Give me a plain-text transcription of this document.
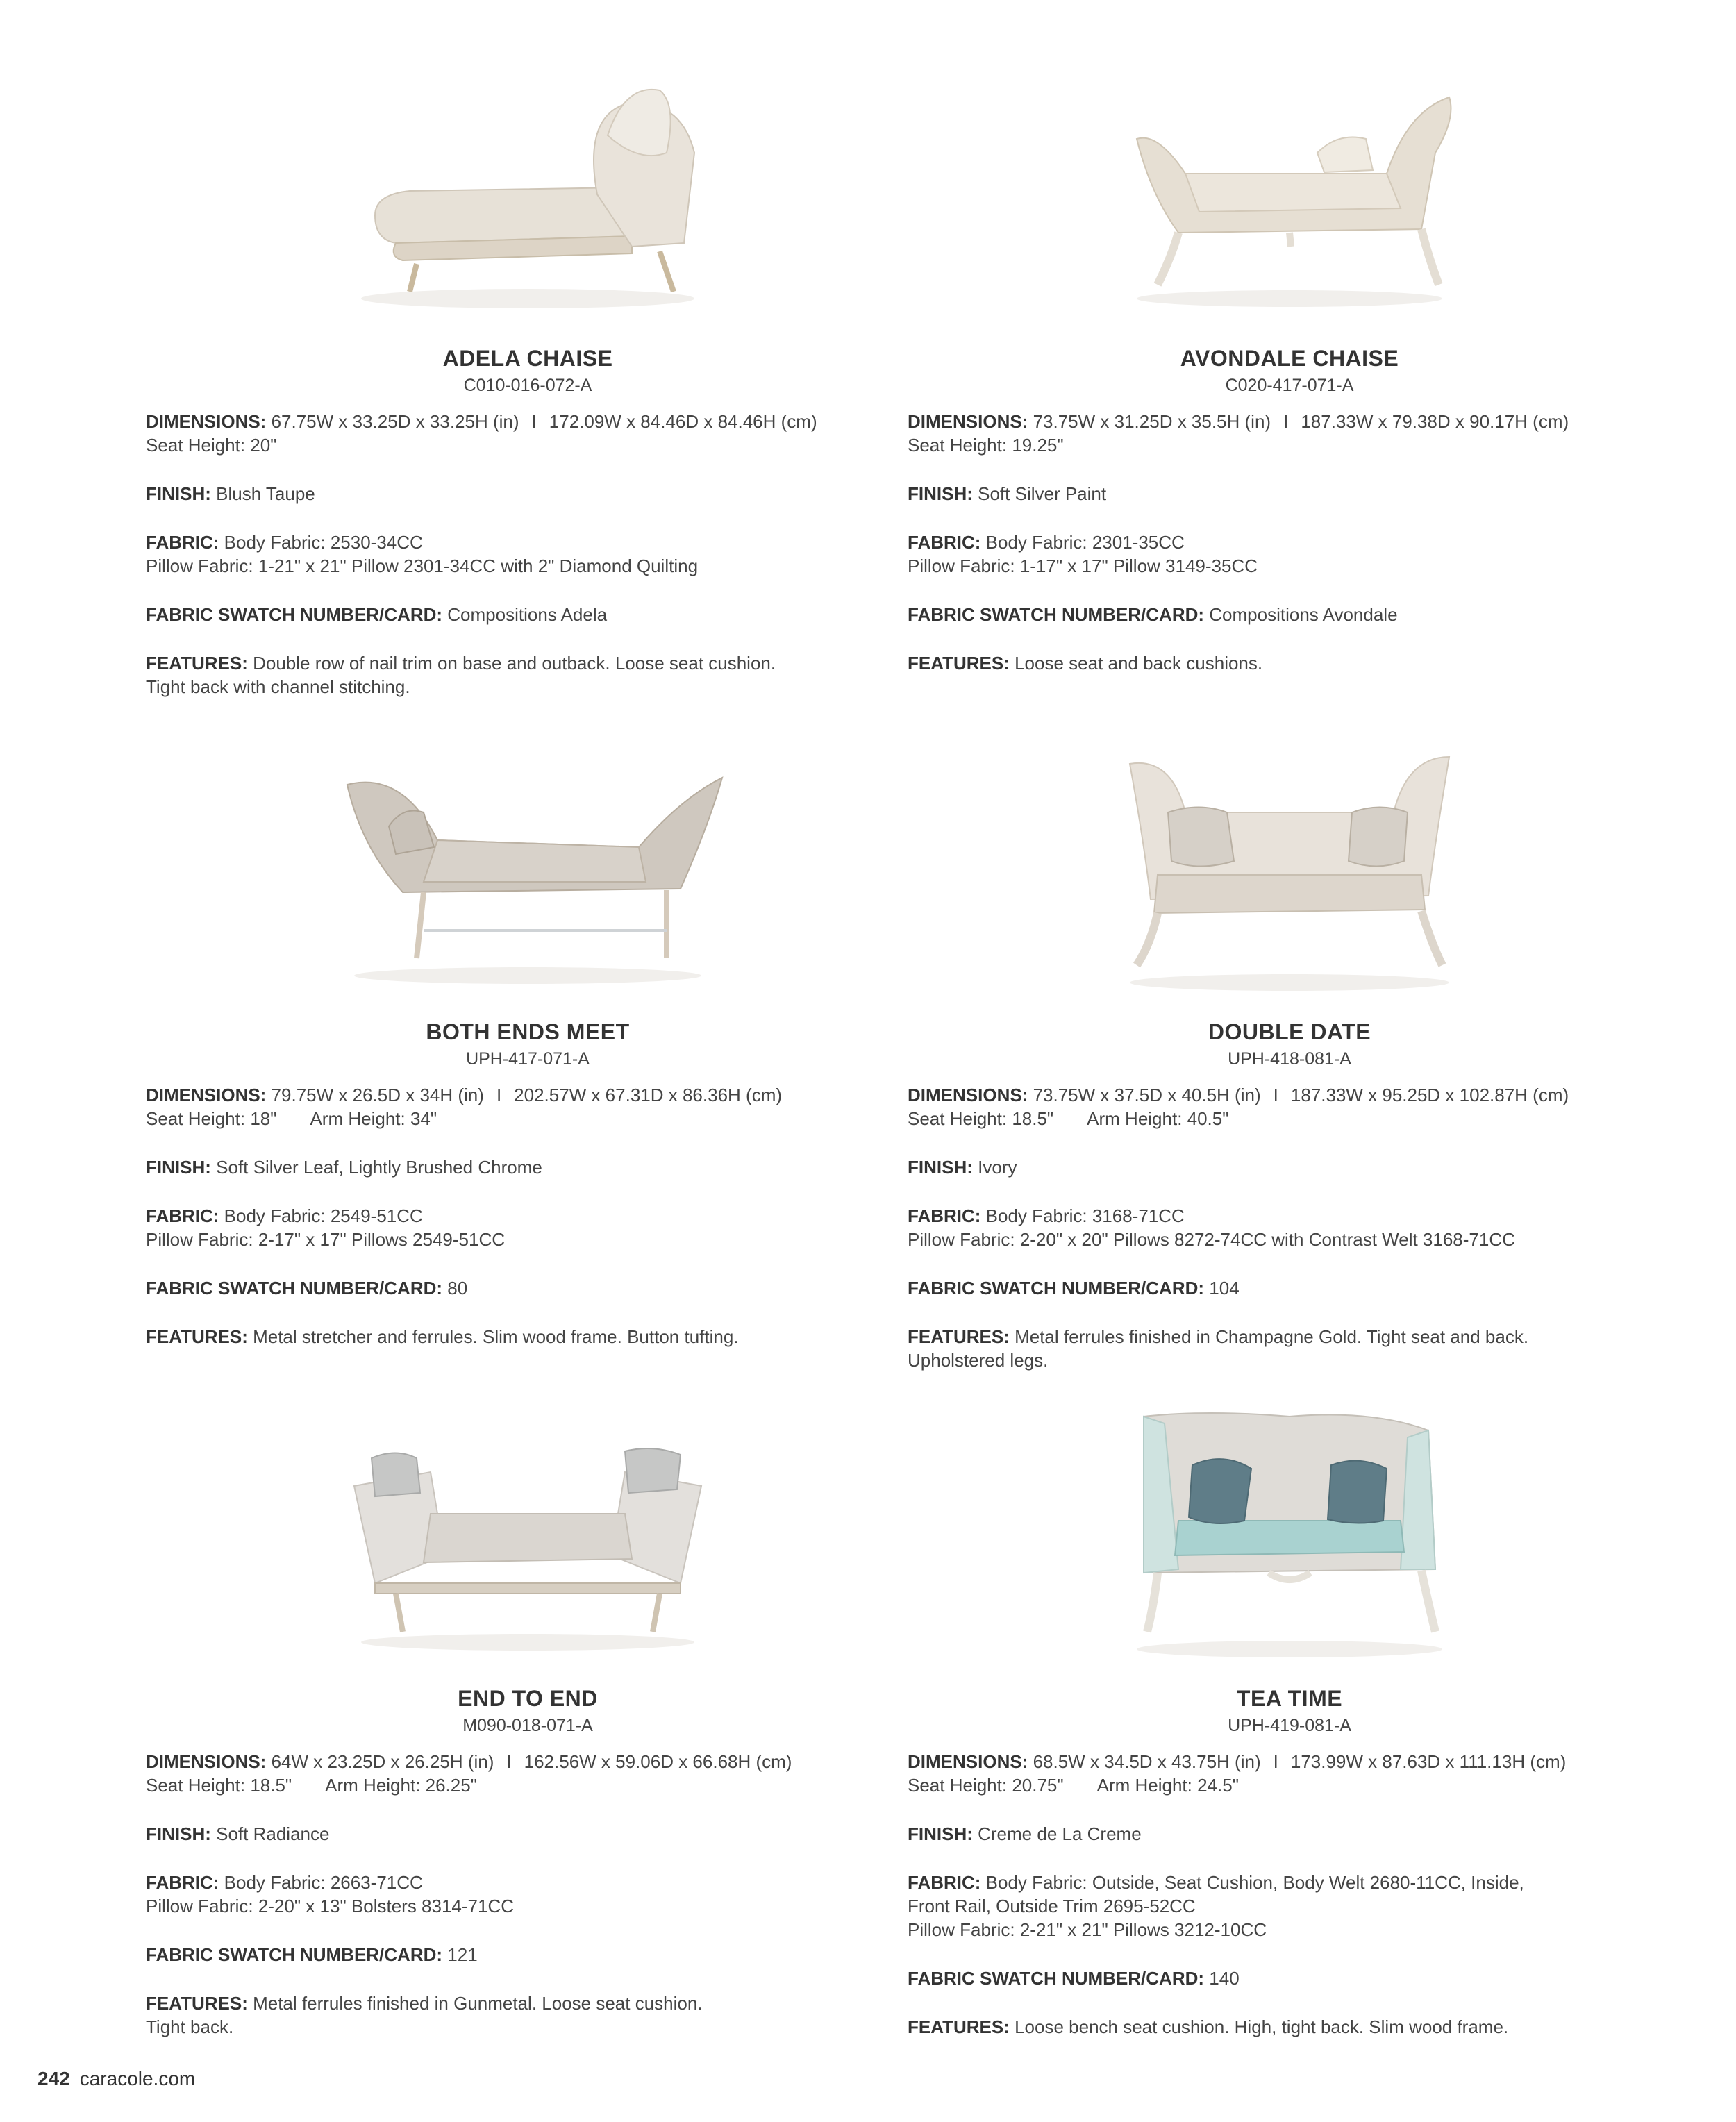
ADELA CHAISE
C010-016-072-A
DIMENSIONS: 67.75W x 33.25D x 33.25H (in) I 172.09W x 84.46D x 84.46H (cm)
Seat Height: 20"
FINISH: Blush Taupe
FABRIC: Body Fabric: 2530-34CC
Pillow Fabric: 1-21" x 21" Pillow 2301-34CC with 2" Diamond Quilting
FABRIC SWATCH NUMBER/CARD: Compositions Adela
FEATURES: Double row of nail trim on base and outback. Loose seat cushion.
Tight back with channel stitching.
AVONDALE CHAISE
C020-417-071-A
DIMENSIONS: 73.75W x 31.25D x 35.5H (in) I 187.33W x 79.38D x 90.17H (cm)
Seat Height: 19.25"
FINISH: Soft Silver Paint
FABRIC: Body Fabric: 2301-35CC
Pillow Fabric: 1-17" x 17" Pillow 3149-35CC
FABRIC SWATCH NUMBER/CARD: Compositions Avondale
FEATURES: Loose seat and back cushions.
BOTH ENDS MEET
UPH-417-071-A
DIMENSIONS: 79.75W x 26.5D x 34H (in) I 202.57W x 67.31D x 86.36H (cm)
Seat Height: 18" Arm Height: 34"
FINISH: Soft Silver Leaf, Lightly Brushed Chrome
FABRIC: Body Fabric: 2549-51CC
Pillow Fabric: 2-17" x 17" Pillows 2549-51CC
FABRIC SWATCH NUMBER/CARD: 80
FEATURES: Metal stretcher and ferrules. Slim wood frame. Button tufting.
DOUBLE DATE
UPH-418-081-A
DIMENSIONS: 73.75W x 37.5D x 40.5H (in) I 187.33W x 95.25D x 102.87H (cm)
Seat Height: 18.5" Arm Height: 40.5"
FINISH: Ivory
FABRIC: Body Fabric: 3168-71CC
Pillow Fabric: 2-20" x 20" Pillows 8272-74CC with Contrast Welt 3168-71CC
FABRIC SWATCH NUMBER/CARD: 104
FEATURES: Metal ferrules finished in Champagne Gold. Tight seat and back.
Upholstered legs.
END TO END
M090-018-071-A
DIMENSIONS: 64W x 23.25D x 26.25H (in) I 162.56W x 59.06D x 66.68H (cm)
Seat Height: 18.5" Arm Height: 26.25"
FINISH: Soft Radiance
FABRIC: Body Fabric: 2663-71CC
Pillow Fabric: 2-20" x 13" Bolsters 8314-71CC
FABRIC SWATCH NUMBER/CARD: 121
FEATURES: Metal ferrules finished in Gunmetal. Loose seat cushion.
Tight back.
TEA TIME
UPH-419-081-A
DIMENSIONS: 68.5W x 34.5D x 43.75H (in) I 173.99W x 87.63D x 111.13H (cm)
Seat Height: 20.75" Arm Height: 24.5"
FINISH: Creme de La Creme
FABRIC: Body Fabric: Outside, Seat Cushion, Body Welt 2680-11CC, Inside,
Front Rail, Outside Trim 2695-52CC
Pillow Fabric: 2-21" x 21" Pillows 3212-10CC
FABRIC SWATCH NUMBER/CARD: 140
FEATURES: Loose bench seat cushion. High, tight back. Slim wood frame.
242 caracole.com
